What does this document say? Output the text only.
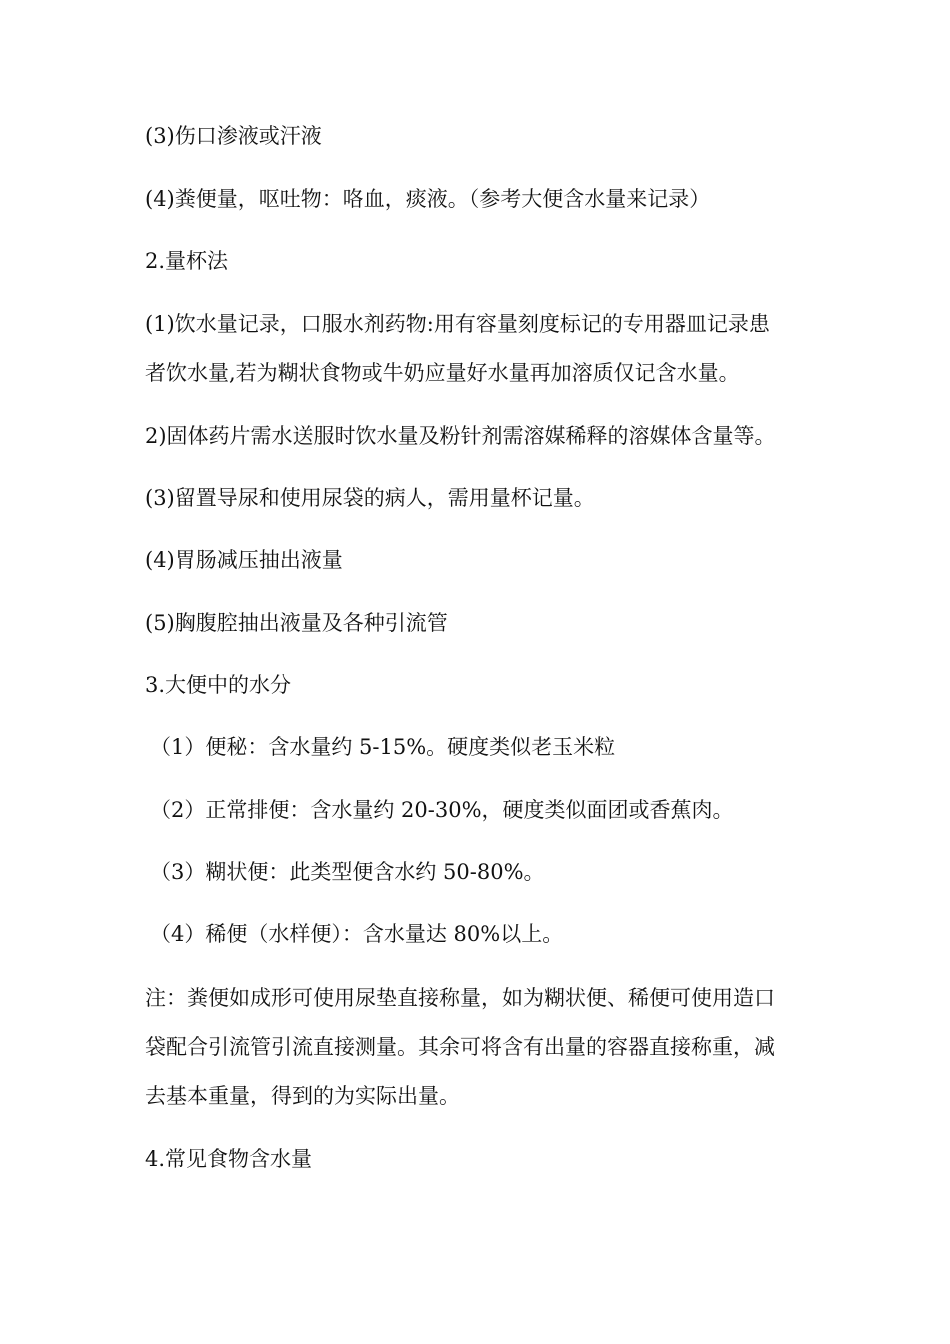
(3)伤口渗液或汗液
(4)粪便量，呕吐物：咯血，痰液。（参考大便含水量来记录）
2.量杯法
(1)饮水量记录，口服水剂药物:用有容量刻度标记的专用器皿记录患
者饮水量,若为糊状食物或牛奶应量好水量再加溶质仅记含水量。
2)固体药片需水送服时饮水量及粉针剂需溶媒稀释的溶媒体含量等。
(3)留置导尿和使用尿袋的病人，需用量杯记量。
(4)胃肠减压抽出液量
(5)胸腹腔抽出液量及各种引流管
3.大便中的水分
（1）便秘：含水量约 5-15%。硬度类似老玉米粒
（2）正常排便：含水量约 20-30%，硬度类似面团或香蕉肉。
（3）糊状便：此类型便含水约 50-80%。
（4）稀便（水样便）：含水量达 80%以上。
注：粪便如成形可使用尿垫直接称量，如为糊状便、稀便可使用造口
袋配合引流管引流直接测量。其余可将含有出量的容器直接称重，减
去基本重量，得到的为实际出量。
4.常见食物含水量
